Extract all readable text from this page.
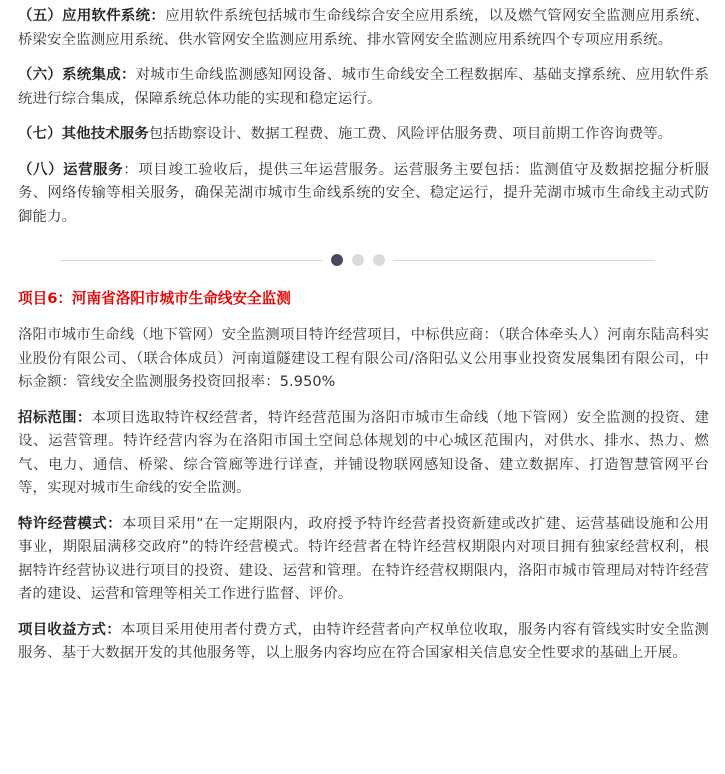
（五）应用软件系统：应用软件系统包括城市生命线综合安全应用系统，以及燃气管网安全监测应用系统、桥梁安全监测应用系统、供水管网安全监测应用系统、排水管网安全监测应用系统四个专项应用系统。

（六）系统集成：对城市生命线监测感知网设备、城市生命线安全工程数据库、基础支撑系统、应用软件系统进行综合集成，保障系统总体功能的实现和稳定运行。

（七）其他技术服务包括勘察设计、数据工程费、施工费、风险评估服务费、项目前期工作咨询费等。

（八）运营服务：项目竣工验收后，提供三年运营服务。运营服务主要包括：监测值守及数据挖掘分析服务、网络传输等相关服务，确保芜湖市城市生命线系统的安全、稳定运行，提升芜湖市城市生命线主动式防御能力。

项目6：河南省洛阳市城市生命线安全监测

洛阳市城市生命线（地下管网）安全监测项目特许经营项目，中标供应商：（联合体牵头人）河南东陆高科实业股份有限公司、（联合体成员）河南道隧建设工程有限公司/洛阳弘义公用事业投资发展集团有限公司，中标金额：管线安全监测服务投资回报率：5.950%

招标范围：本项目选取特许权经营者，特许经营范围为洛阳市城市生命线（地下管网）安全监测的投资、建设、运营管理。特许经营内容为在洛阳市国土空间总体规划的中心城区范围内，对供水、排水、热力、燃气、电力、通信、桥梁、综合管廊等进行详查，并铺设物联网感知设备、建立数据库、打造智慧管网平台等，实现对城市生命线的安全监测。

特许经营模式：本项目采用“在一定期限内，政府授予特许经营者投资新建或改扩建、运营基础设施和公用事业，期限届满移交政府”的特许经营模式。特许经营者在特许经营权期限内对项目拥有独家经营权利，根据特许经营协议进行项目的投资、建设、运营和管理。在特许经营权期限内，洛阳市城市管理局对特许经营者的建设、运营和管理等相关工作进行监督、评价。

项目收益方式：本项目采用使用者付费方式，由特许经营者向产权单位收取，服务内容有管线实时安全监测服务、基于大数据开发的其他服务等，以上服务内容均应在符合国家相关信息安全性要求的基础上开展。
